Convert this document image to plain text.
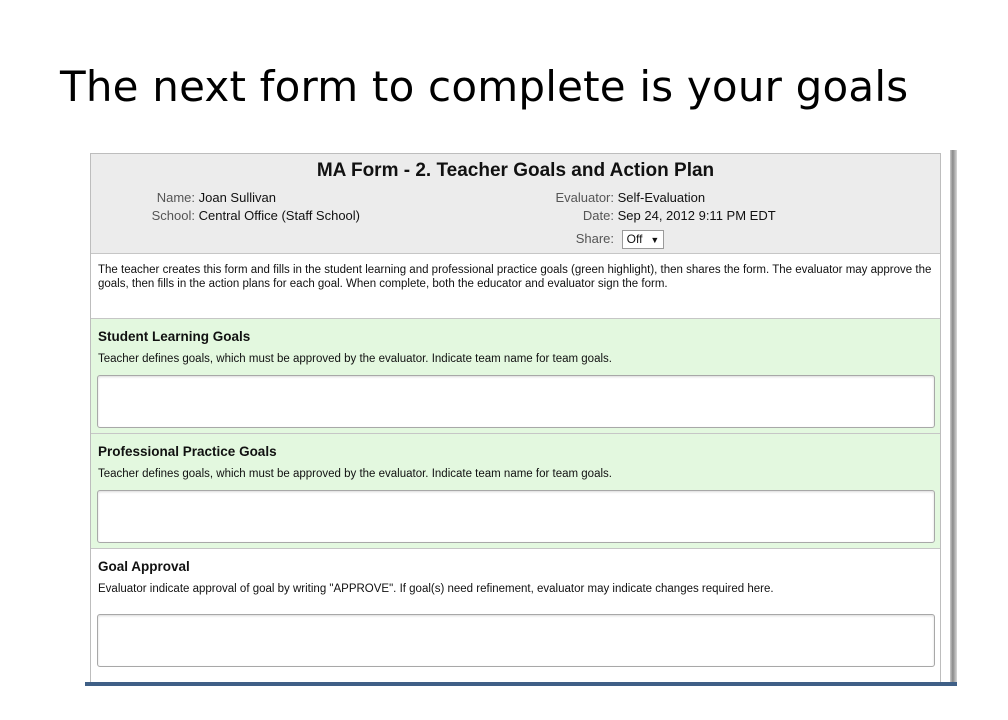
The next form to complete is your goals
MA Form - 2. Teacher Goals and Action Plan
Name: Joan Sullivan
School: Central Office (Staff School)
Evaluator: Self-Evaluation
Date: Sep 24, 2012 9:11 PM EDT
Share: Off ▼
The teacher creates this form and fills in the student learning and professional practice goals (green highlight), then shares the form. The evaluator may approve the goals, then fills in the action plans for each goal. When complete, both the educator and evaluator sign the form.
Student Learning Goals
Teacher defines goals, which must be approved by the evaluator. Indicate team name for team goals.
Professional Practice Goals
Teacher defines goals, which must be approved by the evaluator. Indicate team name for team goals.
Goal Approval
Evaluator indicate approval of goal by writing "APPROVE". If goal(s) need refinement, evaluator may indicate changes required here.
